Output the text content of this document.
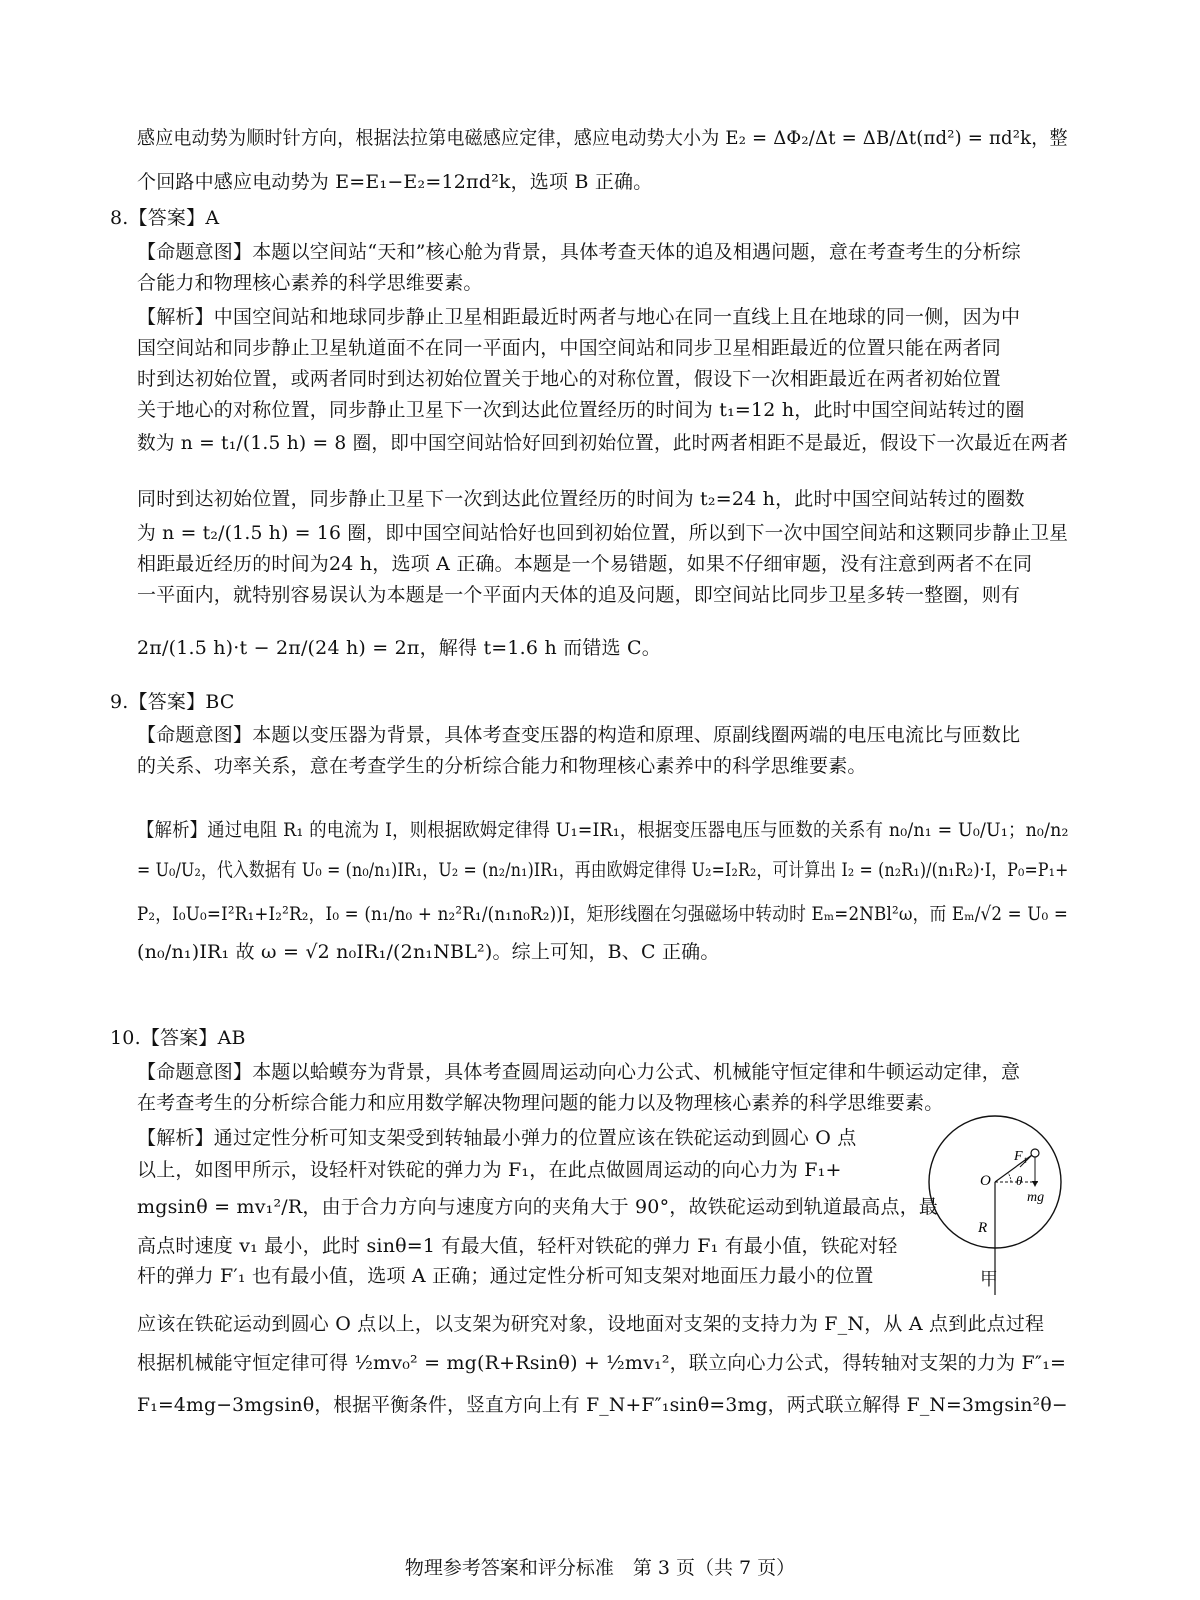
感应电动势为顺时针方向，根据法拉第电磁感应定律，感应电动势大小为 E₂ = ΔΦ₂/Δt = ΔB/Δt(πd²) = πd²k，整
个回路中感应电动势为 E=E₁−E₂=12πd²k，选项 B 正确。
8.【答案】A
【命题意图】本题以空间站“天和”核心舱为背景，具体考查天体的追及相遇问题，意在考查考生的分析综
合能力和物理核心素养的科学思维要素。
【解析】中国空间站和地球同步静止卫星相距最近时两者与地心在同一直线上且在地球的同一侧，因为中
国空间站和同步静止卫星轨道面不在同一平面内，中国空间站和同步卫星相距最近的位置只能在两者同
时到达初始位置，或两者同时到达初始位置关于地心的对称位置，假设下一次相距最近在两者初始位置
关于地心的对称位置，同步静止卫星下一次到达此位置经历的时间为 t₁=12 h，此时中国空间站转过的圈
数为 n = t₁/(1.5 h) = 8 圈，即中国空间站恰好回到初始位置，此时两者相距不是最近，假设下一次最近在两者
同时到达初始位置，同步静止卫星下一次到达此位置经历的时间为 t₂=24 h，此时中国空间站转过的圈数
为 n = t₂/(1.5 h) = 16 圈，即中国空间站恰好也回到初始位置，所以到下一次中国空间站和这颗同步静止卫星
相距最近经历的时间为24 h，选项 A 正确。本题是一个易错题，如果不仔细审题，没有注意到两者不在同
一平面内，就特别容易误认为本题是一个平面内天体的追及问题，即空间站比同步卫星多转一整圈，则有
2π/(1.5 h)·t − 2π/(24 h) = 2π，解得 t=1.6 h 而错选 C。
9.【答案】BC
【命题意图】本题以变压器为背景，具体考查变压器的构造和原理、原副线圈两端的电压电流比与匝数比
的关系、功率关系，意在考查学生的分析综合能力和物理核心素养中的科学思维要素。
【解析】通过电阻 R₁ 的电流为 I，则根据欧姆定律得 U₁=IR₁，根据变压器电压与匝数的关系有 n₀/n₁ = U₀/U₁；n₀/n₂
= U₀/U₂，代入数据有 U₀ = (n₀/n₁)IR₁，U₂ = (n₂/n₁)IR₁，再由欧姆定律得 U₂=I₂R₂，可计算出 I₂ = (n₂R₁)/(n₁R₂)·I，P₀=P₁+
P₂，I₀U₀=I²R₁+I₂²R₂，I₀ = (n₁/n₀ + n₂²R₁/(n₁n₀R₂))I，矩形线圈在匀强磁场中转动时 Eₘ=2NBl²ω，而 Eₘ/√2 = U₀ =
(n₀/n₁)IR₁ 故 ω = √2 n₀IR₁/(2n₁NBL²)。综上可知，B、C 正确。
10.【答案】AB
【命题意图】本题以蛤蟆夯为背景，具体考查圆周运动向心力公式、机械能守恒定律和牛顿运动定律，意
在考查考生的分析综合能力和应用数学解决物理问题的能力以及物理核心素养的科学思维要素。
【解析】通过定性分析可知支架受到转轴最小弹力的位置应该在铁砣运动到圆心 O 点
以上，如图甲所示，设轻杆对铁砣的弹力为 F₁，在此点做圆周运动的向心力为 F₁+
mgsinθ = mv₁²/R，由于合力方向与速度方向的夹角大于 90°，故铁砣运动到轨道最高点，最
高点时速度 v₁ 最小，此时 sinθ=1 有最大值，轻杆对铁砣的弹力 F₁ 有最小值，铁砣对轻
杆的弹力 F′₁ 也有最小值，选项 A 正确；通过定性分析可知支架对地面压力最小的位置
应该在铁砣运动到圆心 O 点以上，以支架为研究对象，设地面对支架的支持力为 F_N，从 A 点到此点过程
根据机械能守恒定律可得 ½mv₀² = mg(R+Rsinθ) + ½mv₁²，联立向心力公式，得转轴对支架的力为 F″₁=
F₁=4mg−3mgsinθ，根据平衡条件，竖直方向上有 F_N+F″₁sinθ=3mg，两式联立解得 F_N=3mgsin²θ−
F₁
O θ
mg
R
甲
物理参考答案和评分标准　第 3 页（共 7 页）
